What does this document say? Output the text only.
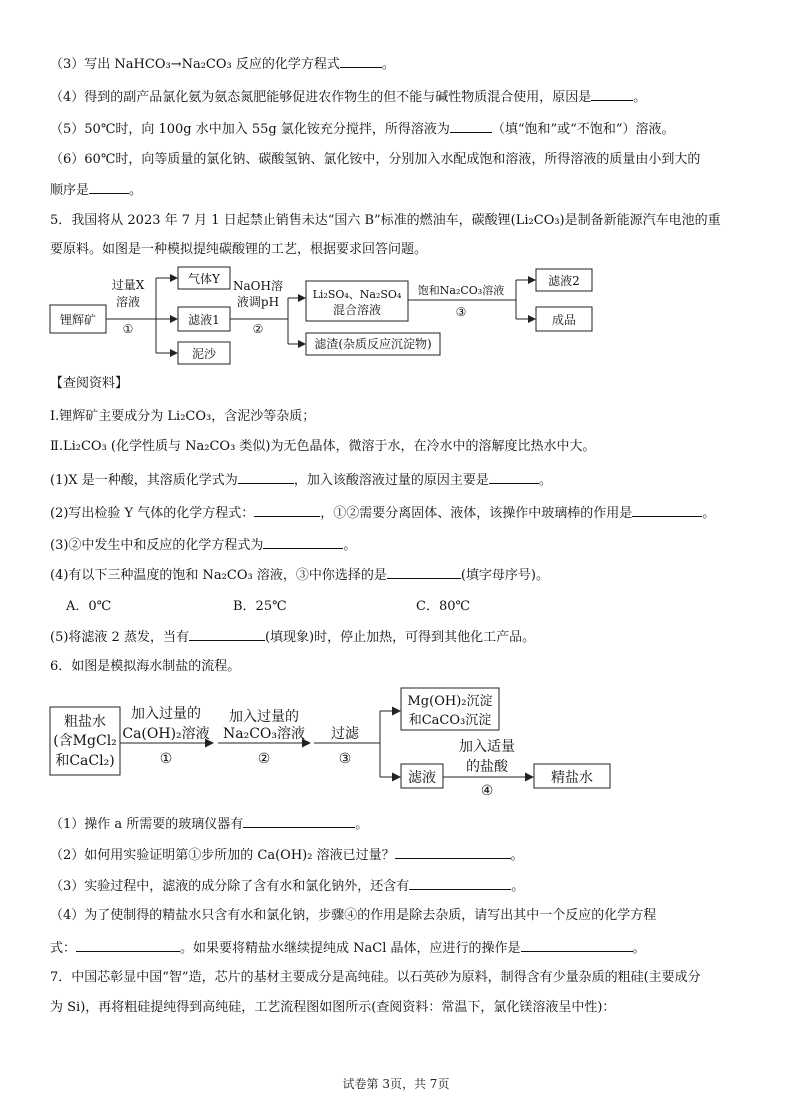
（3）写出 NaHCO₃→Na₂CO₃ 反应的化学方程式	。
（4）得到的副产品氯化氨为氨态氮肥能够促进农作物生的但不能与碱性物质混合使用，原因是	。
（5）50℃时，向 100g 水中加入 55g 氯化铵充分搅拌，所得溶液为	（填“饱和”或“不饱和”）溶液。
（6）60℃时，向等质量的氯化钠、碳酸氢钠、氯化铵中，分别加入水配成饱和溶液，所得溶液的质量由小到大的
顺序是	。
5．我国将从 2023 年 7 月 1 日起禁止销售未达“国六 B”标准的燃油车，碳酸锂(Li₂CO₃)是制备新能源汽车电池的重
要原料。如图是一种模拟提纯碳酸锂的工艺，根据要求回答问题。
锂辉矿
气体Y
滤液1
泥沙
过量X
溶液
①
NaOH溶
液调pH
②
Li₂SO₄、Na₂SO₄
混合溶液
滤渣(杂质反应沉淀物)
饱和Na₂CO₃溶液
③
滤液2
成品
【查阅资料】
Ⅰ.锂辉矿主要成分为 Li₂CO₃，含泥沙等杂质；
Ⅱ.Li₂CO₃ (化学性质与 Na₂CO₃ 类似)为无色晶体，微溶于水，在冷水中的溶解度比热水中大。
(1)X 是一种酸，其溶质化学式为	，加入该酸溶液过量的原因主要是	。
(2)写出检验 Y 气体的化学方程式：	，①②需要分离固体、液体，该操作中玻璃棒的作用是	。
(3)②中发生中和反应的化学方程式为	。
(4)有以下三种温度的饱和 Na₂CO₃ 溶液，③中你选择的是	(填字母序号)。
A．0℃	B．25℃	C．80℃
(5)将滤液 2 蒸发，当有	(填现象)时，停止加热，可得到其他化工产品。
6．如图是模拟海水制盐的流程。
粗盐水
(含MgCl₂
和CaCl₂)
加入过量的
Ca(OH)₂溶液
①
加入过量的
Na₂CO₃溶液
②
过滤
③
Mg(OH)₂沉淀
和CaCO₃沉淀
滤液
加入适量
的盐酸
④
精盐水
（1）操作 a 所需要的玻璃仪器有	。
（2）如何用实验证明第①步所加的 Ca(OH)₂ 溶液已过量？	。
（3）实验过程中，滤液的成分除了含有水和氯化钠外，还含有	。
（4）为了使制得的精盐水只含有水和氯化钠，步骤④的作用是除去杂质，请写出其中一个反应的化学方程
式：	。如果要将精盐水继续提纯成 NaCl 晶体，应进行的操作是	。
7．中国芯彰显中国“智”造，芯片的基材主要成分是高纯硅。以石英砂为原料，制得含有少量杂质的粗硅(主要成分
为 Si)，再将粗硅提纯得到高纯硅，工艺流程图如图所示(查阅资料：常温下，氯化镁溶液呈中性)：
试卷第 3页，共 7页
